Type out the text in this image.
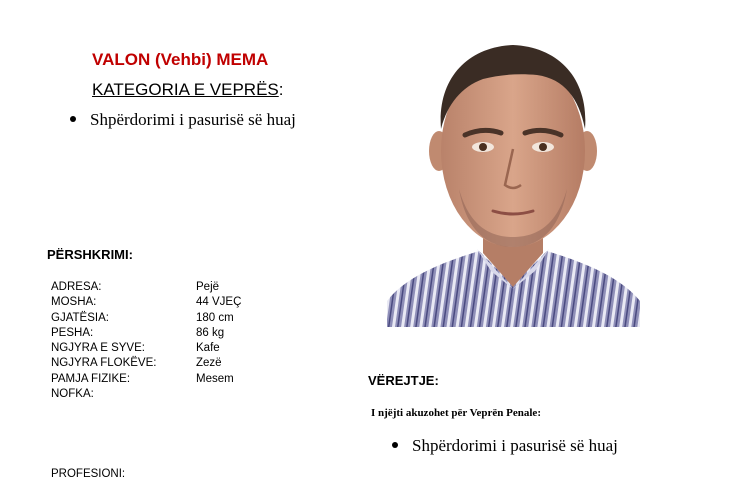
VALON (Vehbi) MEMA
KATEGORIA E VEPRËS:
Shpërdorimi i pasurisë së huaj
PËRSHKRIMI:
ADRESA:	Pejë
MOSHA:	44 VJEÇ
GJATËSIA:	180 cm
PESHA:	86 kg
NGJYRA E SYVE:	Kafe
NGJYRA FLOKËVE:	Zezë
PAMJA FIZIKE:	Mesem
NOFKA:
PROFESIONI:
VËREJTJE:
I njëjti akuzohet për Veprën Penale:
Shpërdorimi i pasurisë së huaj
